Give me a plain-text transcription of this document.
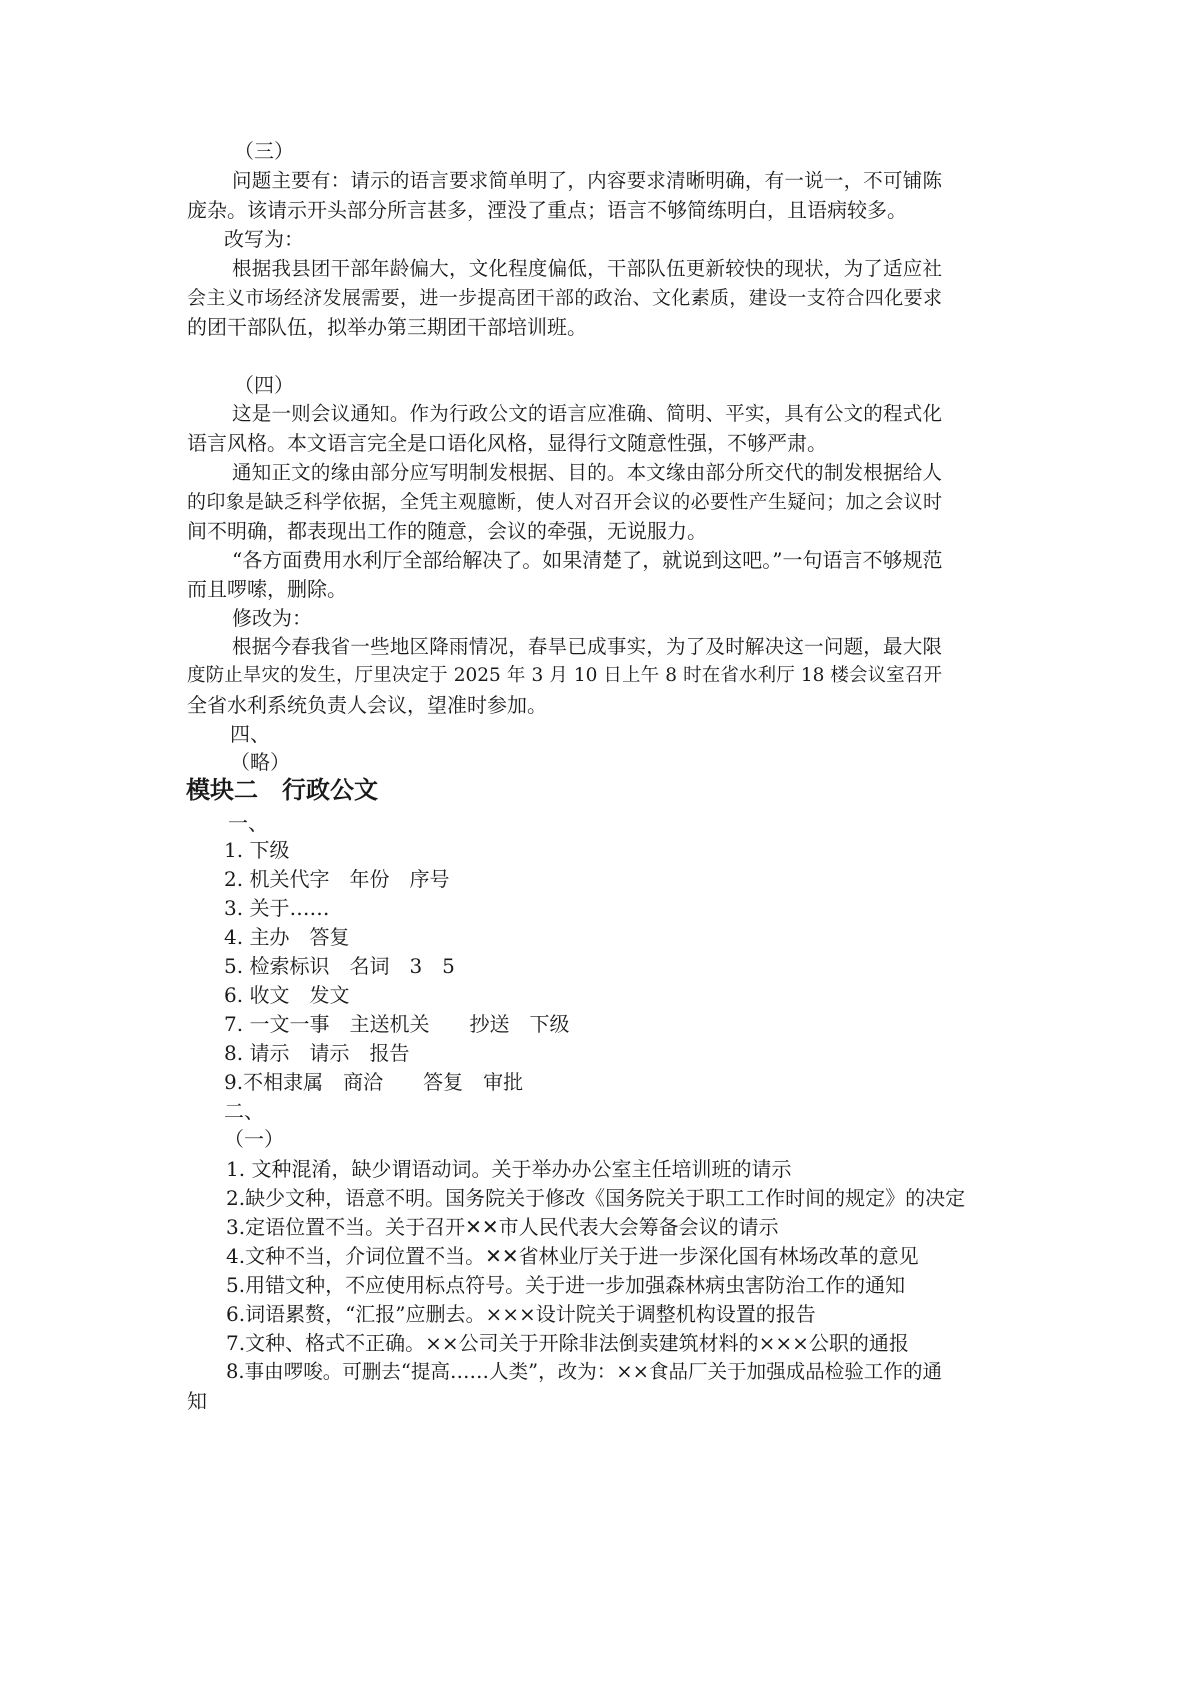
（三）
问题主要有：请示的语言要求简单明了，内容要求清晰明确，有一说一，不可铺陈
庞杂。该请示开头部分所言甚多，湮没了重点；语言不够简练明白，且语病较多。
改写为：
根据我县团干部年龄偏大，文化程度偏低，干部队伍更新较快的现状，为了适应社
会主义市场经济发展需要，进一步提高团干部的政治、文化素质，建设一支符合四化要求
的团干部队伍，拟举办第三期团干部培训班。
（四）
这是一则会议通知。作为行政公文的语言应准确、简明、平实，具有公文的程式化
语言风格。本文语言完全是口语化风格，显得行文随意性强，不够严肃。
通知正文的缘由部分应写明制发根据、目的。本文缘由部分所交代的制发根据给人
的印象是缺乏科学依据，全凭主观臆断，使人对召开会议的必要性产生疑问；加之会议时
间不明确，都表现出工作的随意，会议的牵强，无说服力。
“各方面费用水利厅全部给解决了。如果清楚了，就说到这吧。”一句语言不够规范
而且啰嗦，删除。
修改为：
根据今春我省一些地区降雨情况，春旱已成事实，为了及时解决这一问题，最大限
度防止旱灾的发生，厅里决定于 2025 年 3 月 10 日上午 8 时在省水利厅 18 楼会议室召开
全省水利系统负责人会议，望准时参加。
四、
（略）
模块二　行政公文
一、
1. 下级
2. 机关代字　年份　序号
3. 关于……
4. 主办　答复
5. 检索标识　名词　3　5
6. 收文　发文
7. 一文一事　主送机关　　抄送　下级
8. 请示　请示　报告
9.不相隶属　商洽　　答复　审批
二、
（一）
1. 文种混淆，缺少谓语动词。关于举办办公室主任培训班的请示
2.缺少文种，语意不明。国务院关于修改《国务院关于职工工作时间的规定》的决定
3.定语位置不当。关于召开✕✕市人民代表大会筹备会议的请示
4.文种不当，介词位置不当。✕✕省林业厅关于进一步深化国有林场改革的意见
5.用错文种，不应使用标点符号。关于进一步加强森林病虫害防治工作的通知
6.词语累赘，“汇报”应删去。×××设计院关于调整机构设置的报告
7.文种、格式不正确。××公司关于开除非法倒卖建筑材料的×××公职的通报
8.事由啰唆。可删去“提高……人类”，改为：××食品厂关于加强成品检验工作的通
知
